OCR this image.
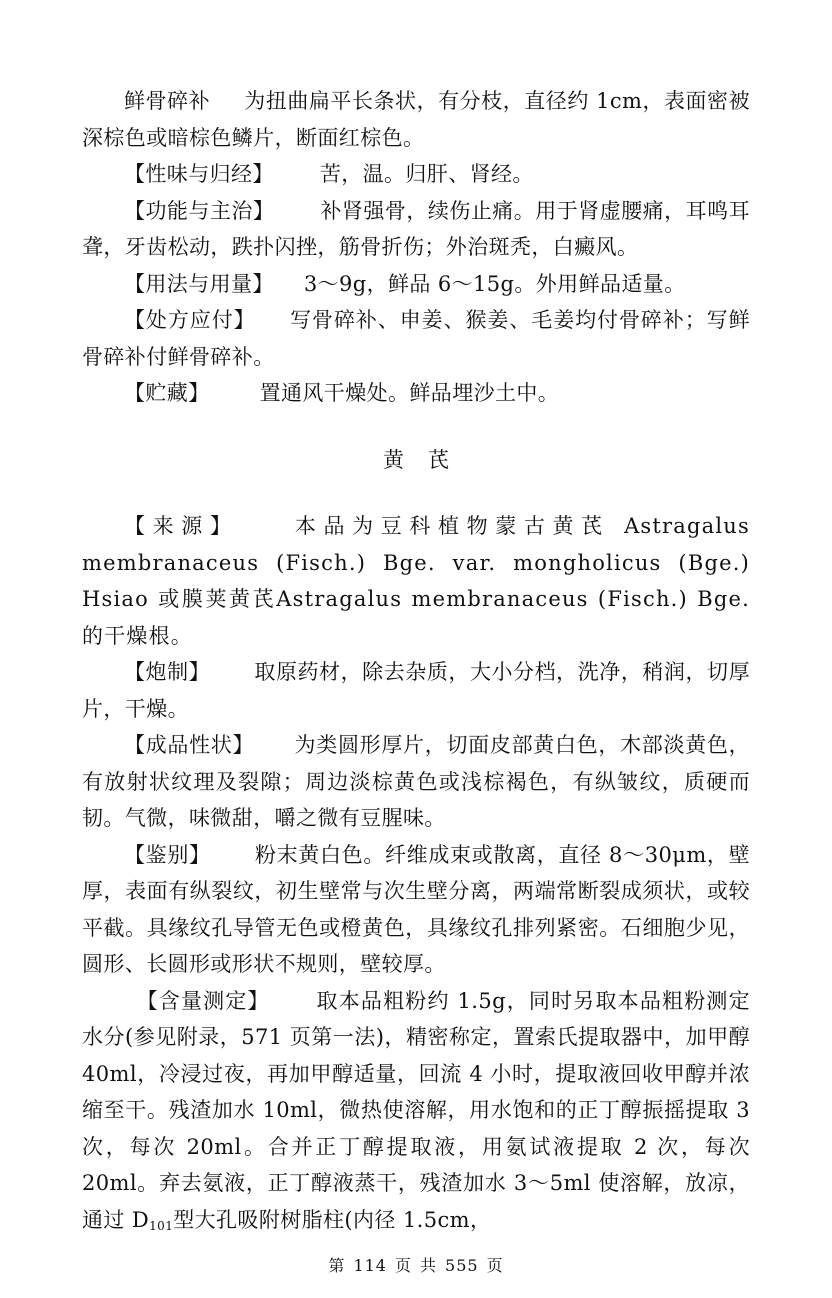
鲜骨碎补 为扭曲扁平长条状，有分枝，直径约 1cm，表面密被深棕色或暗棕色鳞片，断面红棕色。

【性味与归经】 苦，温。归肝、肾经。

【功能与主治】 补肾强骨，续伤止痛。用于肾虚腰痛，耳鸣耳聋，牙齿松动，跌扑闪挫，筋骨折伤；外治斑秃，白癜风。

【用法与用量】 3～9g，鲜品 6～15g。外用鲜品适量。

【处方应付】 写骨碎补、申姜、猴姜、毛姜均付骨碎补；写鲜骨碎补付鲜骨碎补。

【贮藏】 置通风干燥处。鲜品埋沙土中。

黄芪

【来源】 本品为豆科植物蒙古黄芪 Astragalus membranaceus (Fisch.) Bge. var. mongholicus (Bge.) Hsiao 或膜荚黄芪Astragalus membranaceus (Fisch.) Bge. 的干燥根。

【炮制】 取原药材，除去杂质，大小分档，洗净，稍润，切厚片，干燥。

【成品性状】 为类圆形厚片，切面皮部黄白色，木部淡黄色，有放射状纹理及裂隙；周边淡棕黄色或浅棕褐色，有纵皱纹，质硬而韧。气微，味微甜，嚼之微有豆腥味。

【鉴别】 粉末黄白色。纤维成束或散离，直径 8～30μm，壁厚，表面有纵裂纹，初生壁常与次生壁分离，两端常断裂成须状，或较平截。具缘纹孔导管无色或橙黄色，具缘纹孔排列紧密。石细胞少见，圆形、长圆形或形状不规则，壁较厚。

【含量测定】 取本品粗粉约 1.5g，同时另取本品粗粉测定水分(参见附录，571 页第一法)，精密称定，置索氏提取器中，加甲醇 40ml，冷浸过夜，再加甲醇适量，回流 4 小时，提取液回收甲醇并浓缩至干。残渣加水 10ml，微热使溶解，用水饱和的正丁醇振摇提取 3 次，每次 20ml。合并正丁醇提取液，用氨试液提取 2 次，每次 20ml。弃去氨液，正丁醇液蒸干，残渣加水 3～5ml 使溶解，放凉，通过 $D_{101}$型大孔吸附树脂柱(内径 1.5cm，

第 114 页 共 555 页
